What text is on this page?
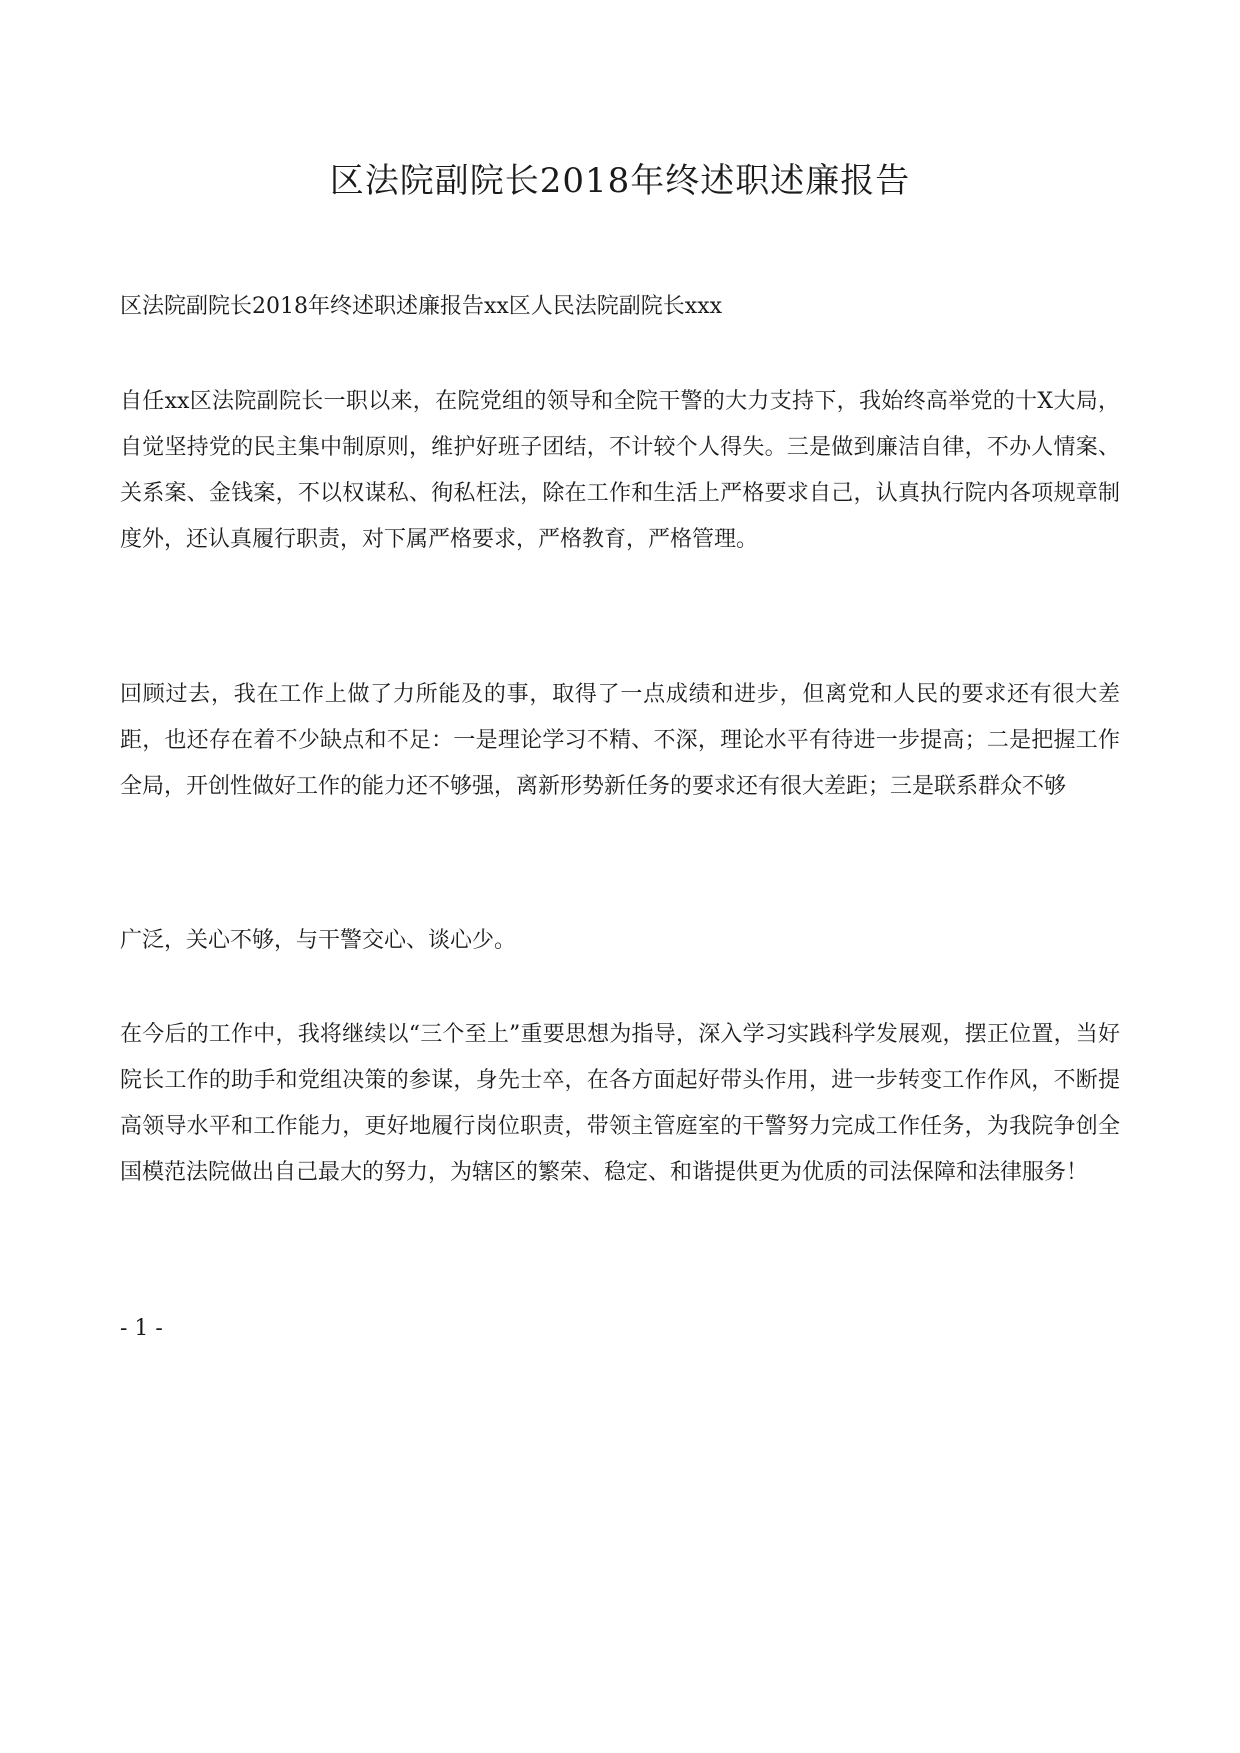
区法院副院长2018年终述职述廉报告

区法院副院长2018年终述职述廉报告xx区人民法院副院长xxx

自任xx区法院副院长一职以来，在院党组的领导和全院干警的大力支持下，我始终高举党的十X大局，自觉坚持党的民主集中制原则，维护好班子团结，不计较个人得失。三是做到廉洁自律，不办人情案、关系案、金钱案，不以权谋私、徇私枉法，除在工作和生活上严格要求自己，认真执行院内各项规章制度外，还认真履行职责，对下属严格要求，严格教育，严格管理。

回顾过去，我在工作上做了力所能及的事，取得了一点成绩和进步，但离党和人民的要求还有很大差距，也还存在着不少缺点和不足：一是理论学习不精、不深，理论水平有待进一步提高；二是把握工作全局，开创性做好工作的能力还不够强，离新形势新任务的要求还有很大差距；三是联系群众不够

广泛，关心不够，与干警交心、谈心少。

在今后的工作中，我将继续以“三个至上”重要思想为指导，深入学习实践科学发展观，摆正位置，当好院长工作的助手和党组决策的参谋，身先士卒，在各方面起好带头作用，进一步转变工作作风，不断提高领导水平和工作能力，更好地履行岗位职责，带领主管庭室的干警努力完成工作任务，为我院争创全国模范法院做出自己最大的努力，为辖区的繁荣、稳定、和谐提供更为优质的司法保障和法律服务！

- 1 -
